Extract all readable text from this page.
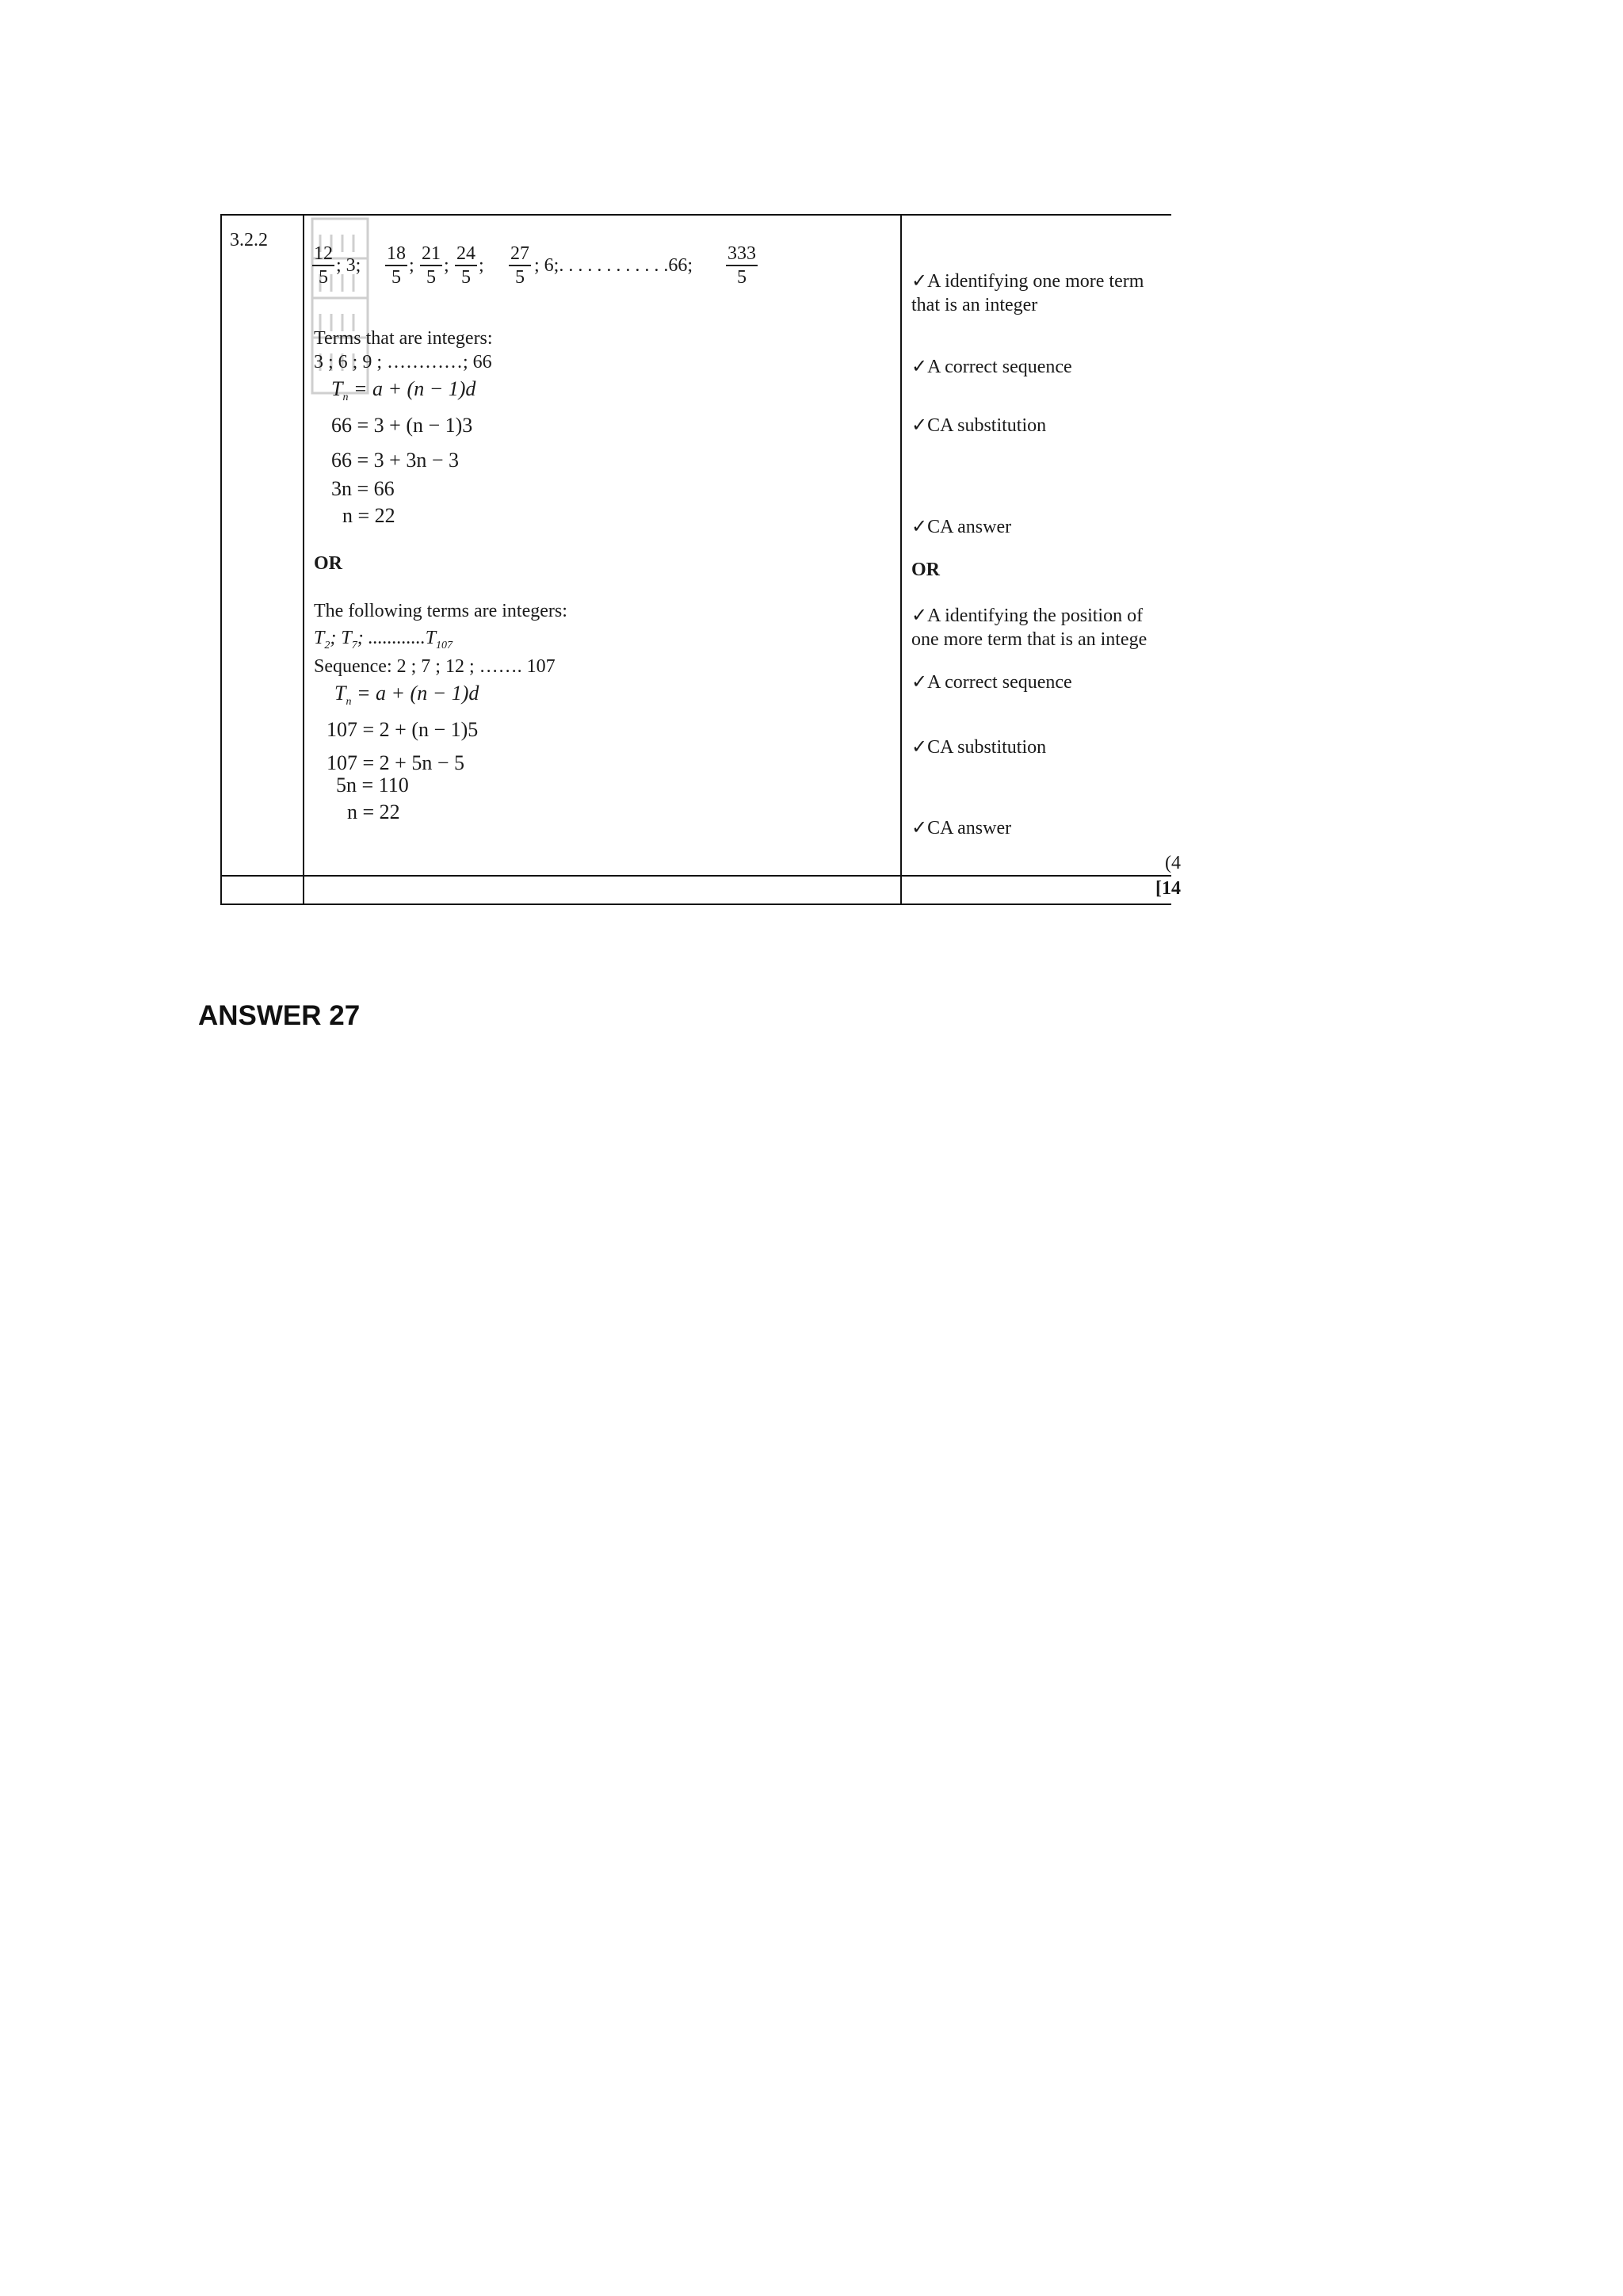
3.2.2
12
5
; 3;
18
5
;
21
5
;
24
5
;
27
5
; 6;. . . . . . . . . . . .66;
333
5
Terms that are integers:
3 ; 6 ; 9 ; …………; 66
$T_n = a + (n - 1)d$
66 = 3 + (n − 1)3
66 = 3 + 3n − 3
3n = 66
n = 22
OR
The following terms are integers:
$T_2$; $T_7$; $............T_{107}$
Sequence: 2 ; 7 ; 12 ; ……. 107
$T_n = a + (n - 1)d$
107 = 2 + (n − 1)5
107 = 2 + 5n − 5
5n = 110
n = 22
✓A identifying one more term
that is an integer
✓A correct sequence
✓CA substitution
✓CA answer
OR
✓A identifying the position of
one more term that is an intege
✓A correct sequence
✓CA substitution
✓CA answer
(4
[14
ANSWER 27
